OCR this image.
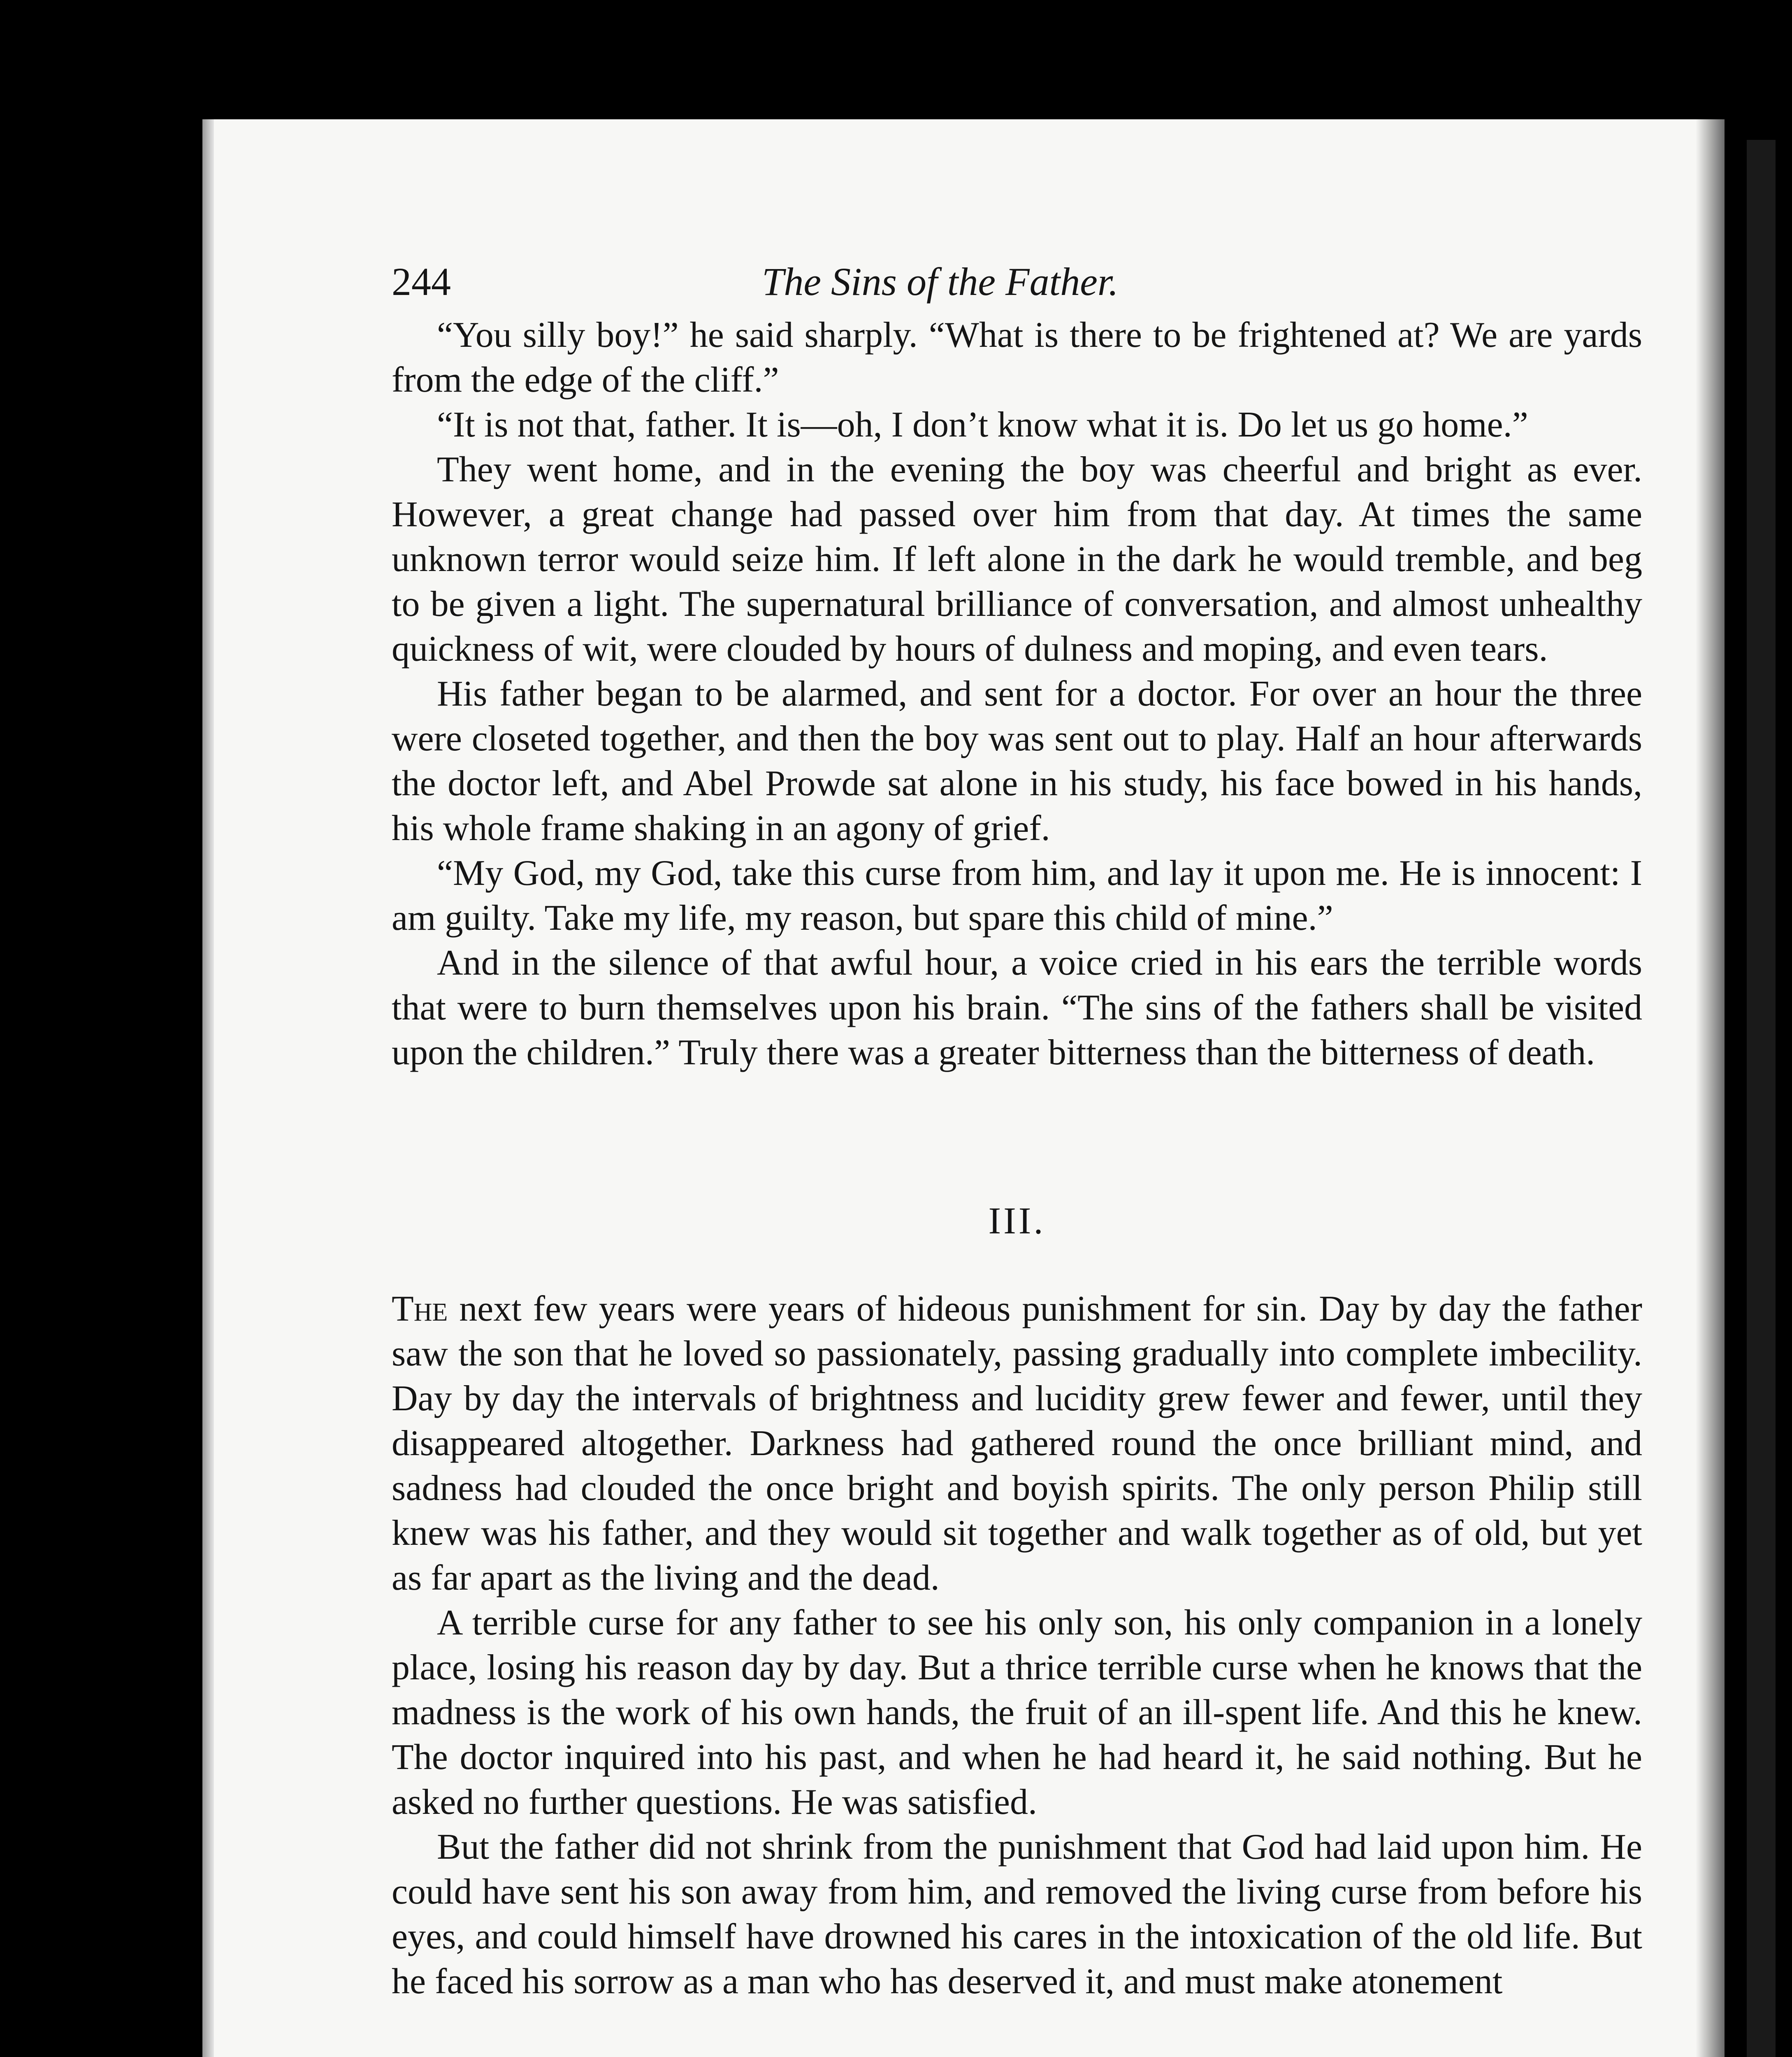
244	The Sins of the Father.

“You silly boy!” he said sharply. “What is there to be frightened at? We are yards from the edge of the cliff.”

“It is not that, father. It is—oh, I don’t know what it is. Do let us go home.”

They went home, and in the evening the boy was cheerful and bright as ever. However, a great change had passed over him from that day. At times the same unknown terror would seize him. If left alone in the dark he would tremble, and beg to be given a light. The supernatural brilliance of conversation, and almost unhealthy quickness of wit, were clouded by hours of dulness and moping, and even tears.

His father began to be alarmed, and sent for a doctor. For over an hour the three were closeted together, and then the boy was sent out to play. Half an hour afterwards the doctor left, and Abel Prowde sat alone in his study, his face bowed in his hands, his whole frame shaking in an agony of grief.

“My God, my God, take this curse from him, and lay it upon me. He is innocent: I am guilty. Take my life, my reason, but spare this child of mine.”

And in the silence of that awful hour, a voice cried in his ears the terrible words that were to burn themselves upon his brain. “The sins of the fathers shall be visited upon the children.” Truly there was a greater bitterness than the bitterness of death.

III.

The next few years were years of hideous punishment for sin. Day by day the father saw the son that he loved so passionately, passing gradually into complete imbecility. Day by day the intervals of brightness and lucidity grew fewer and fewer, until they disappeared altogether. Darkness had gathered round the once brilliant mind, and sadness had clouded the once bright and boyish spirits. The only person Philip still knew was his father, and they would sit together and walk together as of old, but yet as far apart as the living and the dead.

A terrible curse for any father to see his only son, his only companion in a lonely place, losing his reason day by day. But a thrice terrible curse when he knows that the madness is the work of his own hands, the fruit of an ill-spent life. And this he knew. The doctor inquired into his past, and when he had heard it, he said nothing. But he asked no further questions. He was satisfied.

But the father did not shrink from the punishment that God had laid upon him. He could have sent his son away from him, and removed the living curse from before his eyes, and could himself have drowned his cares in the intoxication of the old life. But he faced his sorrow as a man who has deserved it, and must make atonement
